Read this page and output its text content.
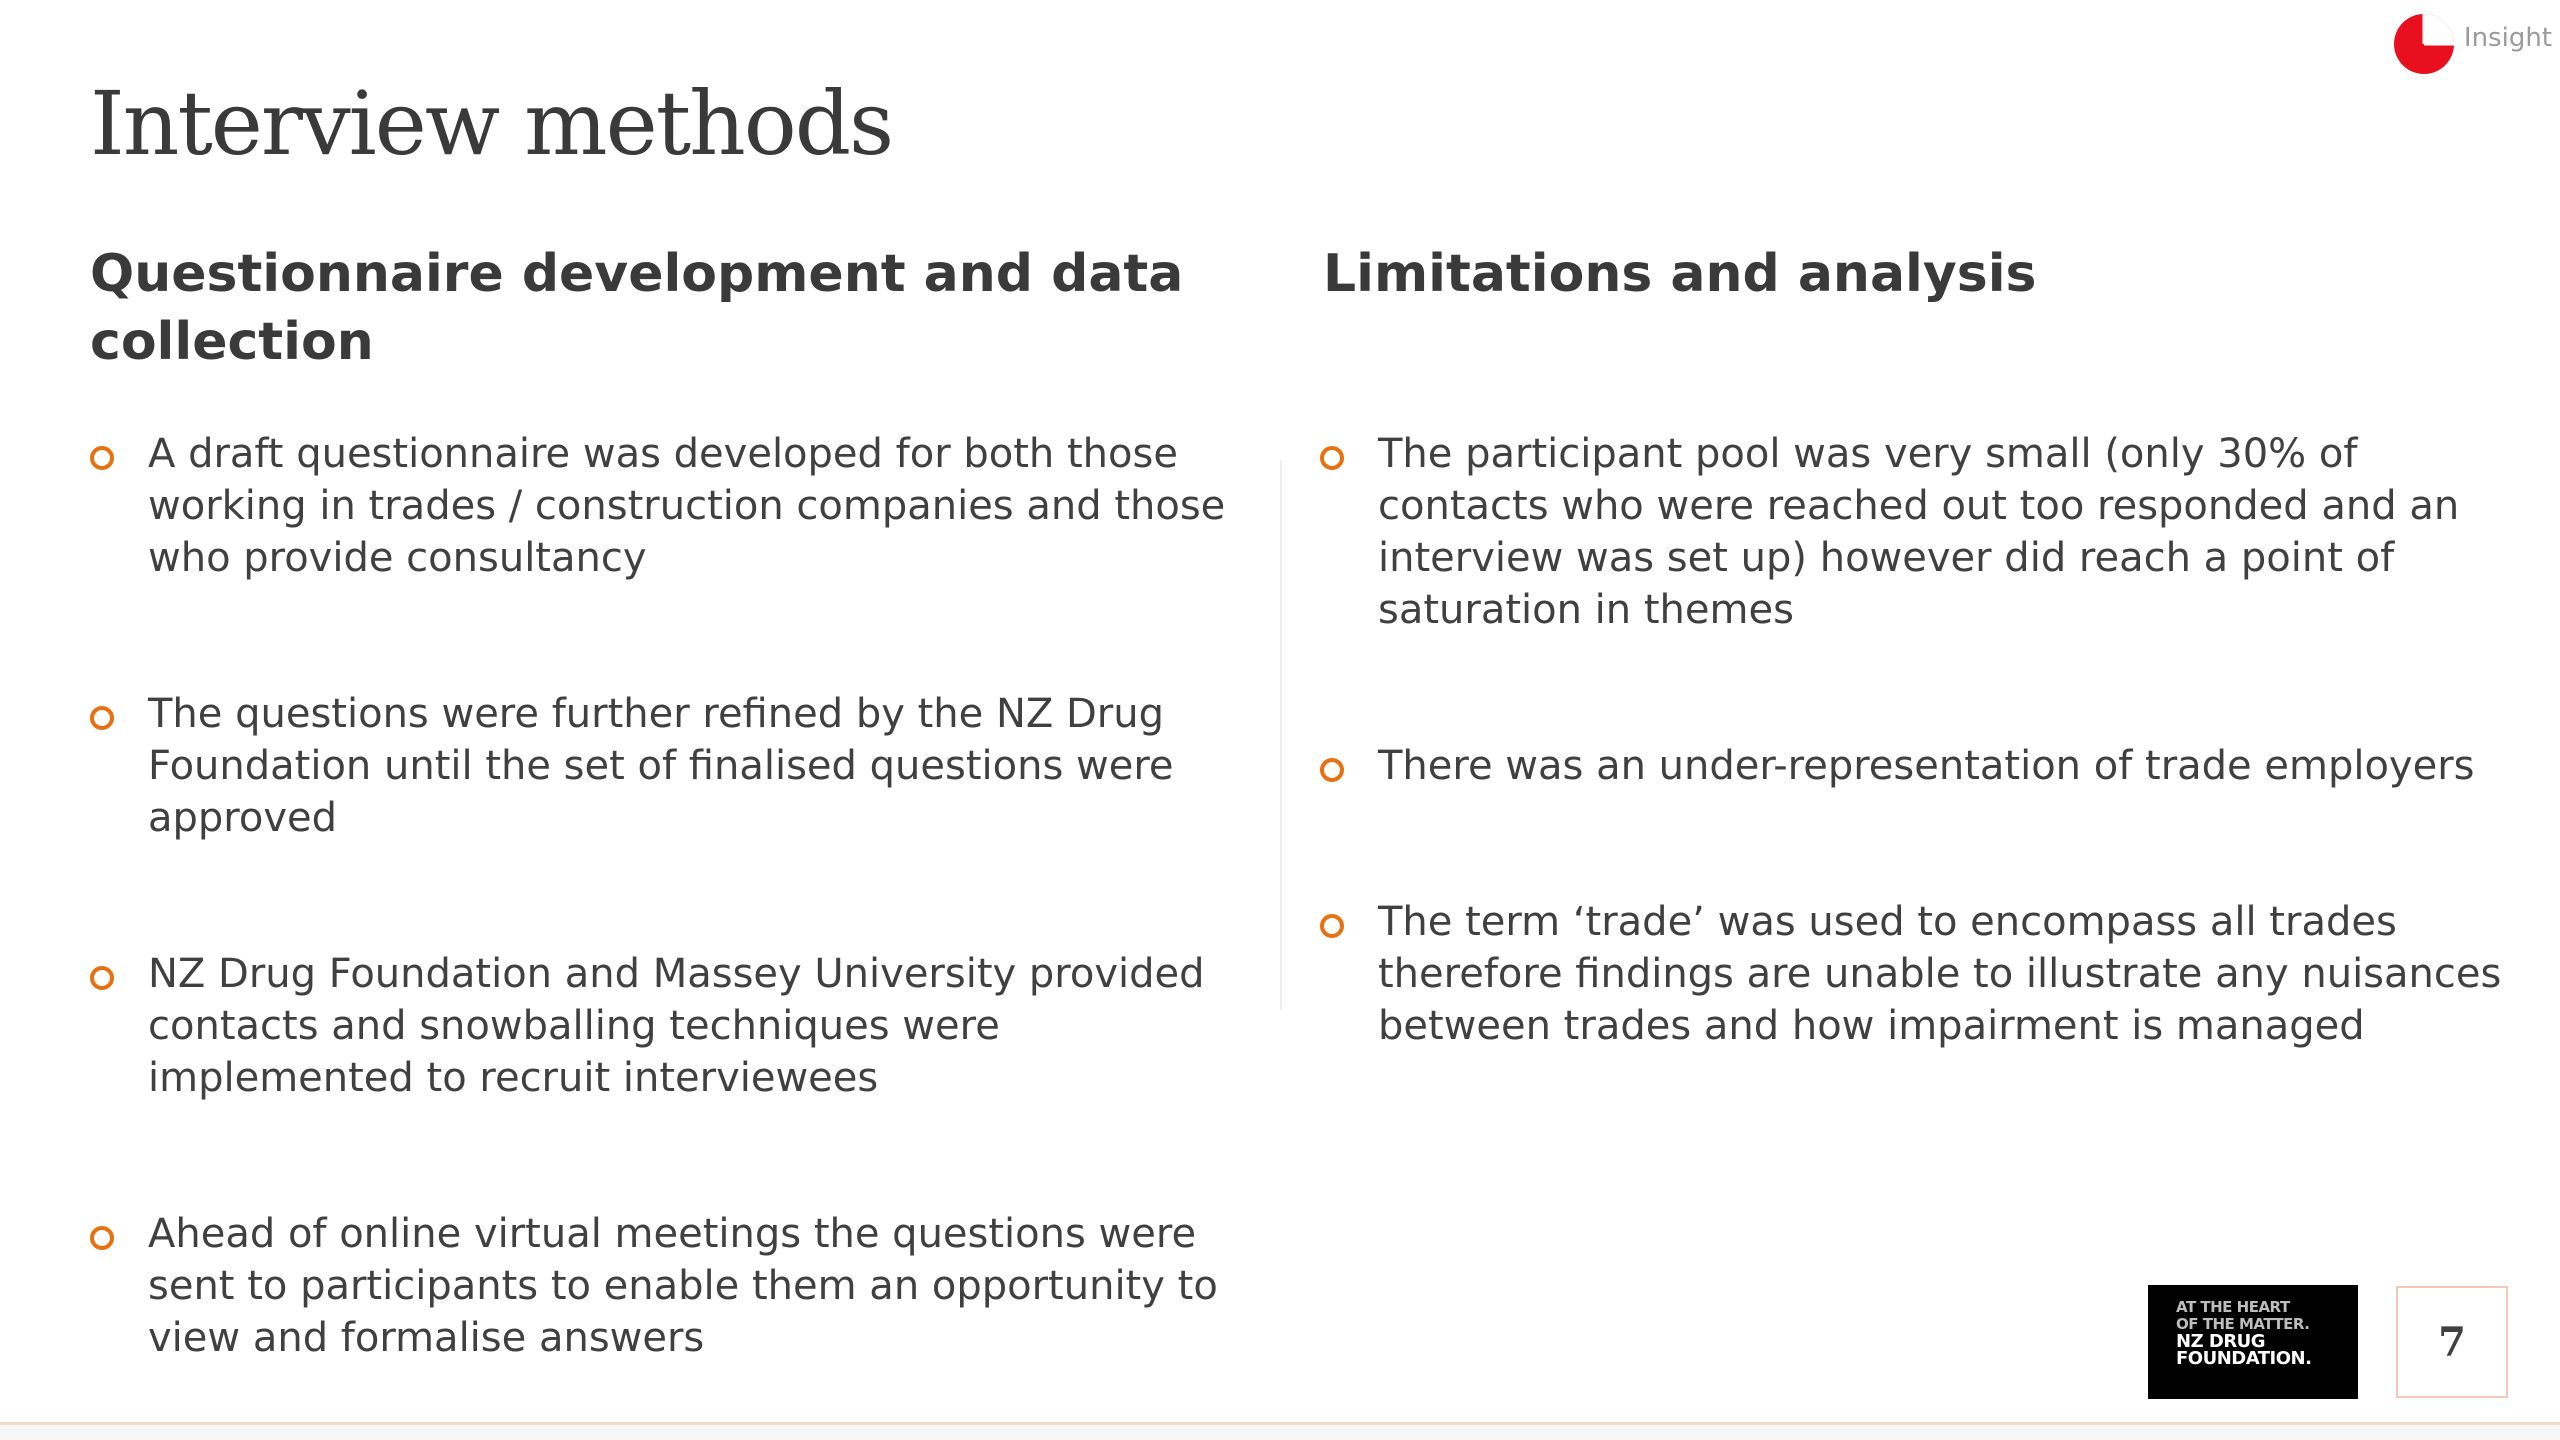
Insight
Interview methods
Questionnaire development and data collection
Limitations and analysis
A draft questionnaire was developed for both those working in trades / construction companies and those who provide consultancy
The questions were further refined by the NZ Drug Foundation until the set of finalised questions were approved
NZ Drug Foundation and Massey University provided contacts and snowballing techniques were implemented to recruit interviewees
Ahead of online virtual meetings the questions were sent to participants to enable them an opportunity to view and formalise answers
The participant pool was very small (only 30% of contacts who were reached out too responded and an interview was set up) however did reach a point of saturation in themes
There was an under-representation of trade employers
The term ‘trade’ was used to encompass all trades therefore findings are unable to illustrate any nuisances between trades and how impairment is managed
AT THE HEART
OF THE MATTER.
NZ DRUG
FOUNDATION.	7
